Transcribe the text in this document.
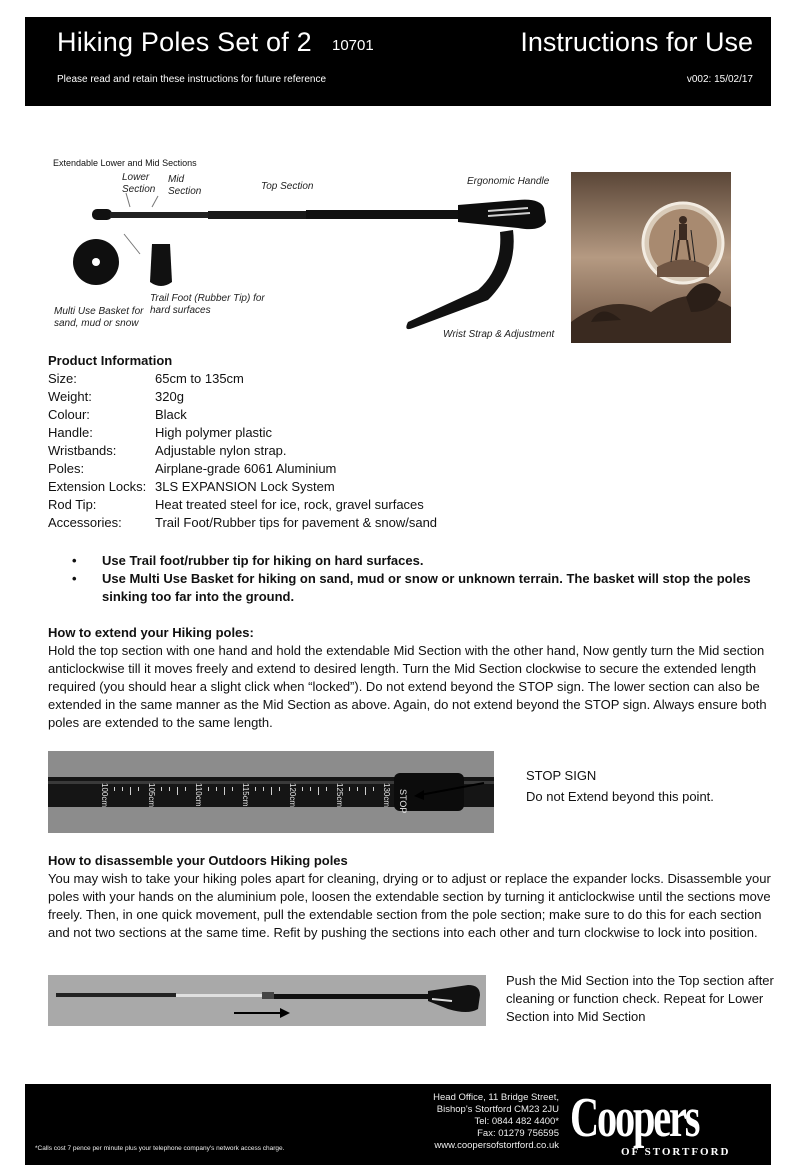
Hiking Poles Set of 2 10701	Instructions for Use
Please read and retain these instructions for future reference	v002: 15/02/17
Extendable Lower and Mid Sections
Lower Section
Mid Section	Top Section	Ergonomic Handle
Multi Use Basket for sand, mud or snow
Trail Foot (Rubber Tip) for hard surfaces
Wrist Strap & Adjustment
Product Information
Size:	65cm to 135cm
Weight:	320g
Colour:	Black
Handle:	High polymer plastic
Wristbands:	Adjustable nylon strap.
Poles:	Airplane-grade 6061 Aluminium
Extension Locks: 3LS EXPANSION Lock System
Rod Tip:	Heat treated steel for ice, rock, gravel surfaces
Accessories:	Trail Foot/Rubber tips for pavement & snow/sand
• Use Trail foot/rubber tip for hiking on hard surfaces.
• Use Multi Use Basket for hiking on sand, mud or snow or unknown terrain. The basket will stop the poles sinking too far into the ground.
How to extend your Hiking poles:
Hold the top section with one hand and hold the extendable Mid Section with the other hand, Now gently turn the Mid section anticlockwise till it moves freely and extend to desired length. Turn the Mid Section clockwise to secure the extended length required (you should hear a slight click when “locked”). Do not extend beyond the STOP sign. The lower section can also be extended in the same manner as the Mid Section as above. Again, do not extend beyond the STOP sign. Always ensure both poles are extended to the same length.
100cm	105cm	110cm	115cm	120cm	125cm	130cm STOP
STOP SIGN
Do not Extend beyond this point.
How to disassemble your Outdoors Hiking poles
You may wish to take your hiking poles apart for cleaning, drying or to adjust or replace the expander locks. Disassemble your poles with your hands on the aluminium pole, loosen the extendable section by turning it anticlockwise until the sections move freely. Then, in one quick movement, pull the extendable section from the pole section; make sure to do this for each section and not two sections at the same time. Refit by pushing the sections into each other and turn clockwise to lock into position.
Push the Mid Section into the Top section after cleaning or function check. Repeat for Lower Section into Mid Section
*Calls cost 7 pence per minute plus your telephone company's network access charge.
Head Office, 11 Bridge Street,
Bishop's Stortford CM23 2JU
Tel: 0844 482 4400*
Fax: 01279 756595
www.coopersofstortford.co.uk Coopers
OF STORTFORD
